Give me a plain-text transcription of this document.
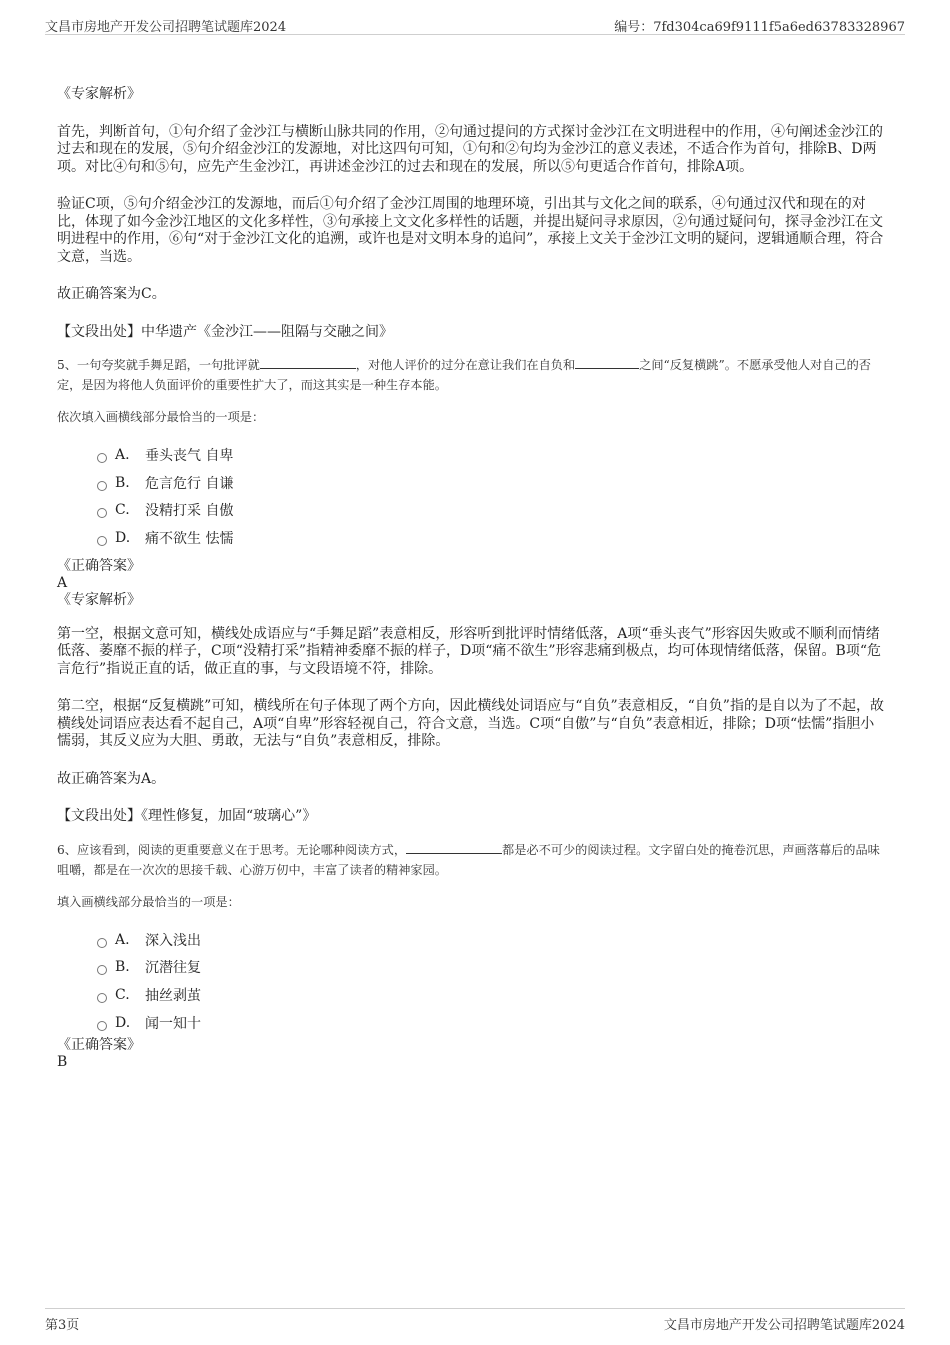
文昌市房地产开发公司招聘笔试题库2024	编号：7fd304ca69f9111f5a6ed63783328967

《专家解析》

首先，判断首句，①句介绍了金沙江与横断山脉共同的作用，②句通过提问的方式探讨金沙江在文明进程中的作用，④句阐述金沙江的过去和现在的发展，⑤句介绍金沙江的发源地，对比这四句可知，①句和②句均为金沙江的意义表述，不适合作为首句，排除B、D两项。对比④句和⑤句，应先产生金沙江，再讲述金沙江的过去和现在的发展，所以⑤句更适合作首句，排除A项。

验证C项，⑤句介绍金沙江的发源地，而后①句介绍了金沙江周围的地理环境，引出其与文化之间的联系，④句通过汉代和现在的对比，体现了如今金沙江地区的文化多样性，③句承接上文文化多样性的话题，并提出疑问寻求原因，②句通过疑问句，探寻金沙江在文明进程中的作用，⑥句“对于金沙江文化的追溯，或许也是对文明本身的追问”，承接上文关于金沙江文明的疑问，逻辑通顺合理，符合文意，当选。

故正确答案为C。

【文段出处】中华遗产《金沙江——阻隔与交融之间》

5、一句夸奖就手舞足蹈，一句批评就	，对他人评价的过分在意让我们在自负和	之间“反复横跳”。不愿承受他人对自己的否定，是因为将他人负面评价的重要性扩大了，而这其实是一种生存本能。

依次填入画横线部分最恰当的一项是：

A.	垂头丧气 自卑
B.	危言危行 自谦
C.	没精打采 自傲
D.	痛不欲生 怯懦

《正确答案》

A

《专家解析》

第一空，根据文意可知，横线处成语应与“手舞足蹈”表意相反，形容听到批评时情绪低落，A项“垂头丧气”形容因失败或不顺利而情绪低落、萎靡不振的样子，C项“没精打采”指精神委靡不振的样子，D项“痛不欲生”形容悲痛到极点，均可体现情绪低落，保留。B项“危言危行”指说正直的话，做正直的事，与文段语境不符，排除。

第二空，根据“反复横跳”可知，横线所在句子体现了两个方向，因此横线处词语应与“自负”表意相反，“自负”指的是自以为了不起，故横线处词语应表达看不起自己，A项“自卑”形容轻视自己，符合文意，当选。C项“自傲”与“自负”表意相近，排除；D项“怯懦”指胆小懦弱，其反义应为大胆、勇敢，无法与“自负”表意相反，排除。

故正确答案为A。

【文段出处】《理性修复，加固“玻璃心”》

6、应该看到，阅读的更重要意义在于思考。无论哪种阅读方式，	都是必不可少的阅读过程。文字留白处的掩卷沉思，声画落幕后的品味咀嚼，都是在一次次的思接千载、心游万仞中，丰富了读者的精神家园。

填入画横线部分最恰当的一项是：

A.	深入浅出
B.	沉潜往复
C.	抽丝剥茧
D.	闻一知十

《正确答案》

B

第3页	文昌市房地产开发公司招聘笔试题库2024
